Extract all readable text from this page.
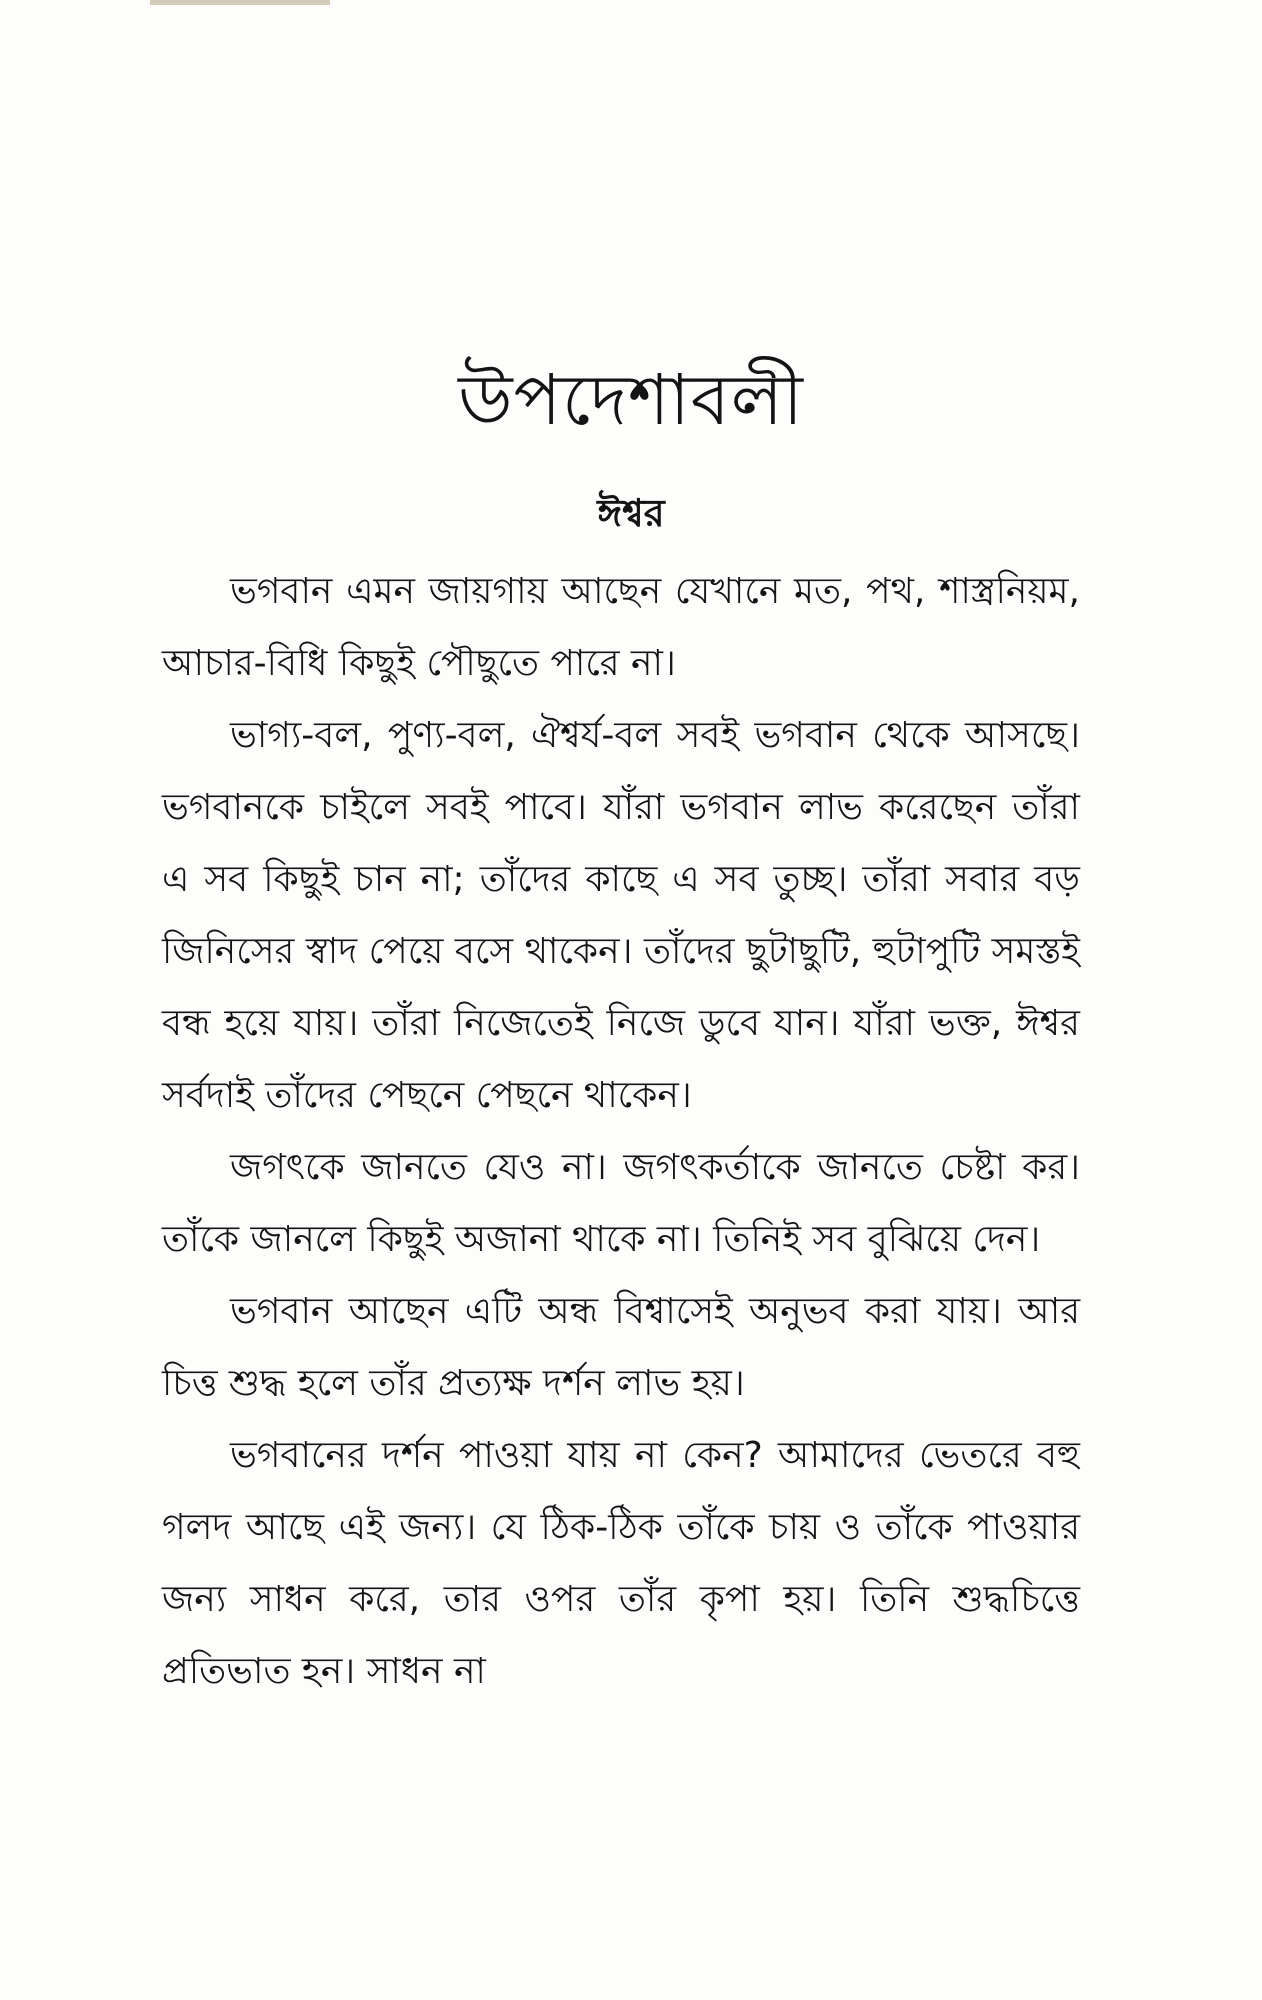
উপদেশাবলী
ঈশ্বর

ভগবান এমন জায়গায় আছেন যেখানে মত, পথ, শাস্ত্রনিয়ম, আচার-বিধি কিছুই পৌছুতে পারে না।

ভাগ্য-বল, পুণ্য-বল, ঐশ্বর্য-বল সবই ভগবান থেকে আসছে। ভগবানকে চাইলে সবই পাবে। যাঁরা ভগবান লাভ করেছেন তাঁরা এ সব কিছুই চান না; তাঁদের কাছে এ সব তুচ্ছ। তাঁরা সবার বড় জিনিসের স্বাদ পেয়ে বসে থাকেন। তাঁদের ছুটাছুটি, হুটাপুটি সমস্তই বন্ধ হয়ে যায়। তাঁরা নিজেতেই নিজে ডুবে যান। যাঁরা ভক্ত, ঈশ্বর সর্বদাই তাঁদের পেছনে পেছনে থাকেন।

জগৎকে জানতে যেও না। জগৎকর্তাকে জানতে চেষ্টা কর। তাঁকে জানলে কিছুই অজানা থাকে না। তিনিই সব বুঝিয়ে দেন।

ভগবান আছেন এটি অন্ধ বিশ্বাসেই অনুভব করা যায়। আর চিত্ত শুদ্ধ হলে তাঁর প্রত্যক্ষ দর্শন লাভ হয়।

ভগবানের দর্শন পাওয়া যায় না কেন? আমাদের ভেতরে বহু গলদ আছে এই জন্য। যে ঠিক-ঠিক তাঁকে চায় ও তাঁকে পাওয়ার জন্য সাধন করে, তার ওপর তাঁর কৃপা হয়। তিনি শুদ্ধচিত্তে প্রতিভাত হন। সাধন না
